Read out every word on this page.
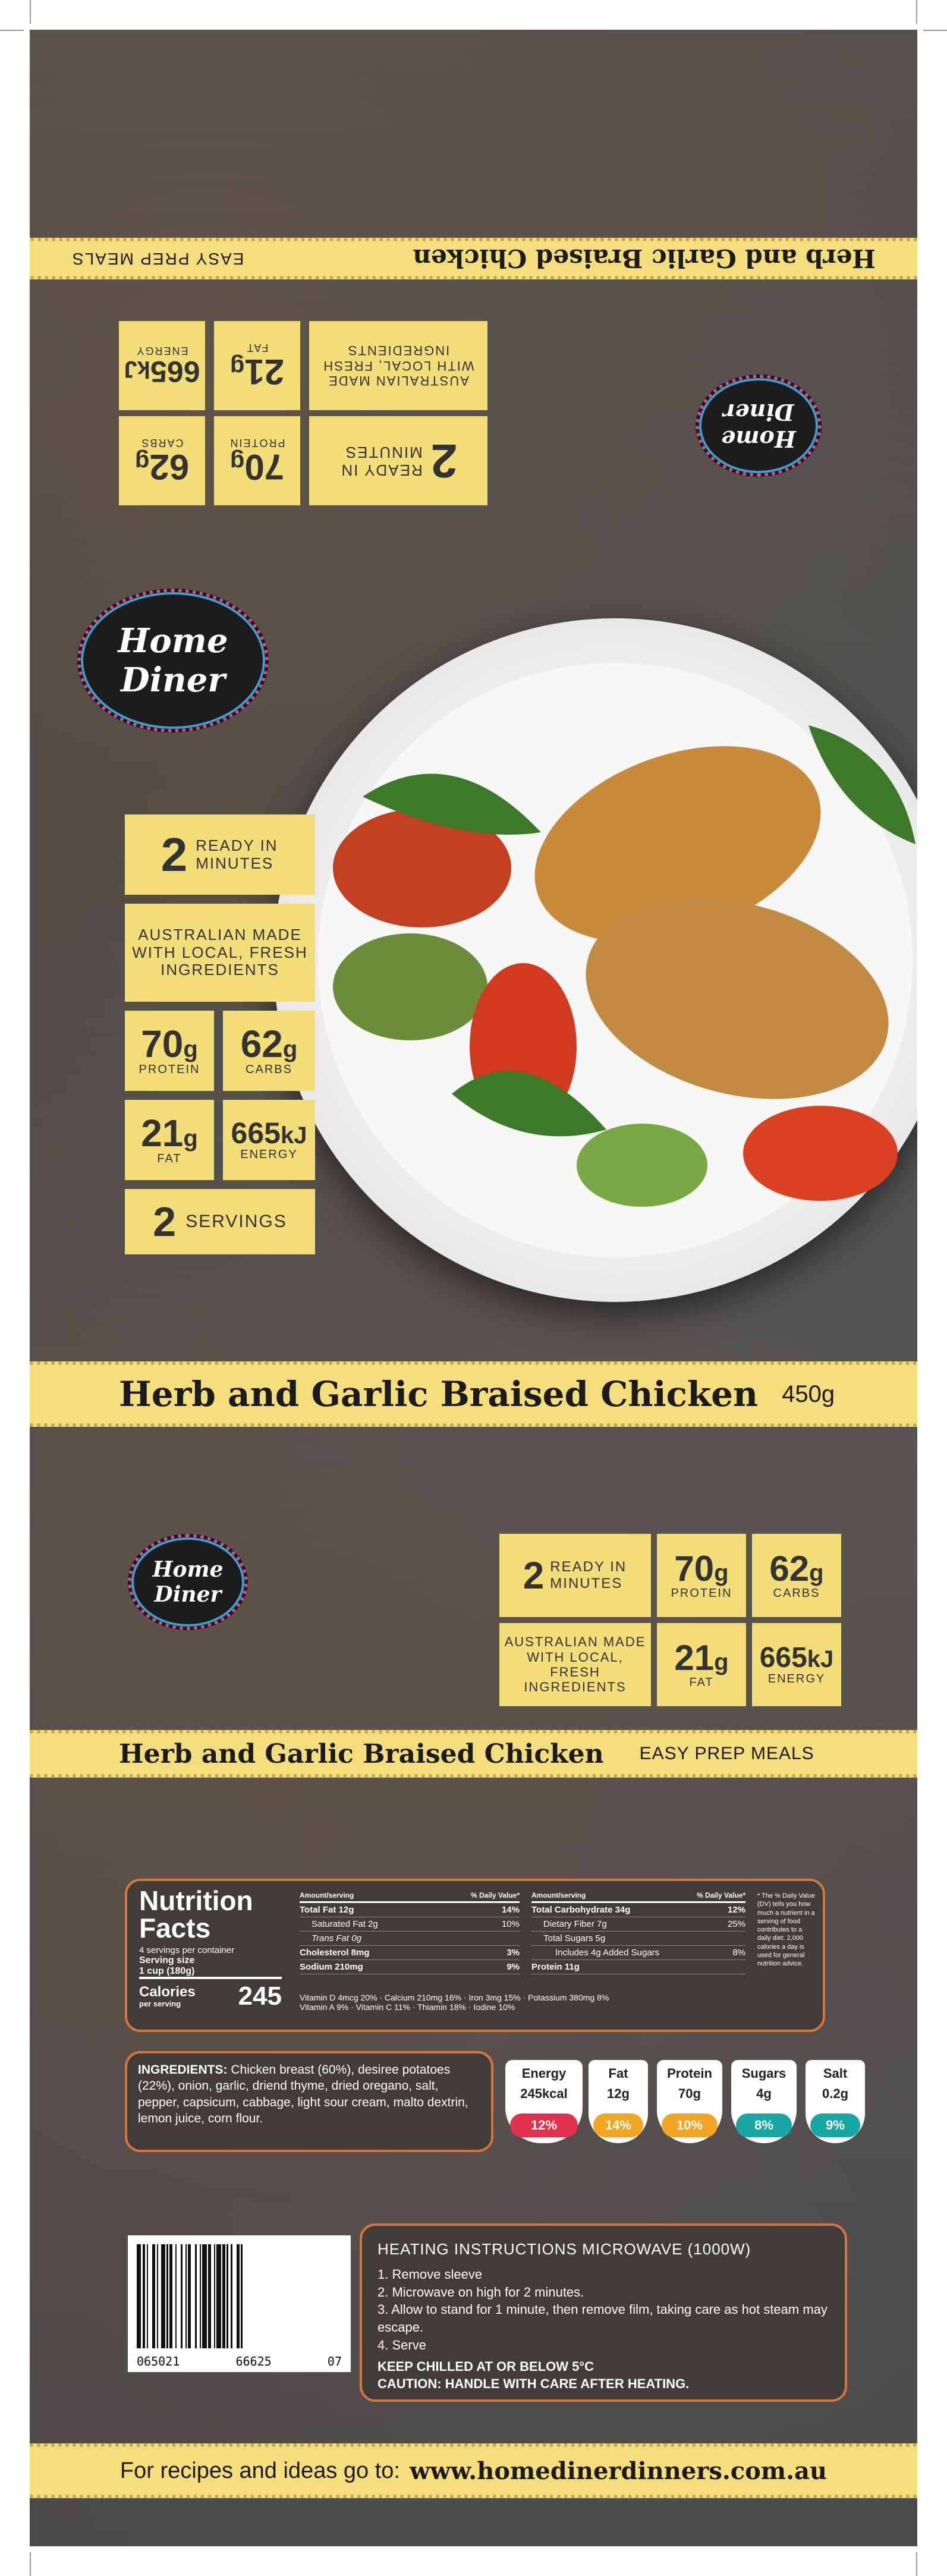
Herb and Garlic Braised Chicken
EASY PREP MEALS
2
READY IN MINUTES
70g
PROTEIN
62g
CARBS
AUSTRALIAN MADE WITH LOCAL, FRESH INGREDIENTS
21g
FAT
665kJ
ENERGY
Home
Diner
Home
Diner
2 READY IN MINUTES
AUSTRALIAN MADE WITH LOCAL, FRESH INGREDIENTS
70g
PROTEIN
62g
CARBS
21g
FAT
665kJ
ENERGY
2 SERVINGS
Herb and Garlic Braised Chicken 450g
Home
Diner	2 READY IN MINUTES 70g
PROTEIN
62g
CARBS
AUSTRALIAN MADE WITH LOCAL, FRESH INGREDIENTS
21g
FAT
665kJ
ENERGY
Herb and Garlic Braised Chicken EASY PREP MEALS
Nutrition
Facts
4 servings per container
Serving size
1 cup (180g)
Calories
per serving	245
Amount/serving	% Daily Value*
Total Fat 12g	14%
Saturated Fat 2g	10%
Trans Fat 0g
Cholesterol 8mg	3%
Sodium 210mg	9%
Amount/serving	% Daily Value*
Total Carbohydrate 34g	12%
Dietary Fiber 7g	25%
Total Sugars 5g
Includes 4g Added Sugars	8%
Protein 11g
Vitamin D 4mcg 20% · Calcium 210mg 16% · Iron 3mg 15% · Potassium 380mg 8%
Vitamin A 9% · Vitamin C 11% · Thiamin 18% · Iodine 10%
* The % Daily Value (DV) tells you how much a nutrient in a serving of food contributes to a daily diet. 2,000 calories a day is used for general nutrition advice.
INGREDIENTS: Chicken breast (60%), desiree potatoes (22%), onion, garlic, driend thyme, dried oregano, salt, pepper, capsicum, cabbage, light sour cream, malto dextrin, lemon juice, corn flour.
Energy
245kcal
12%
Fat
12g
14%
Protein
70g
10%
Sugars
4g
8%
Salt
0.2g
9%
065021	66625	07
HEATING INSTRUCTIONS MICROWAVE (1000W)
1. Remove sleeve
2. Microwave on high for 2 minutes.
3. Allow to stand for 1 minute, then remove film, taking care as hot steam may escape.
4. Serve
KEEP CHILLED AT OR BELOW 5°C
CAUTION: HANDLE WITH CARE AFTER HEATING.
For recipes and ideas go to: www.homedinerdinners.com.au
